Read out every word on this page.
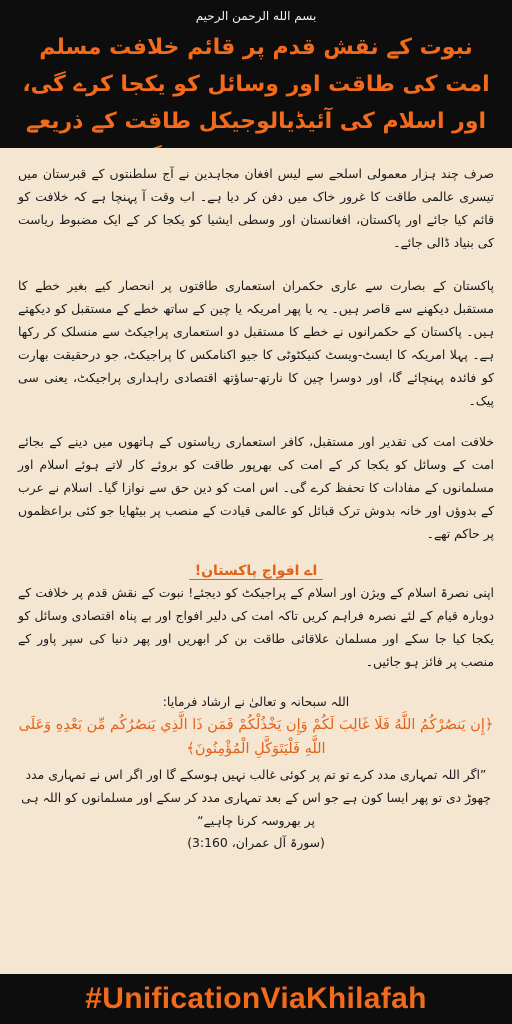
بسم الله الرحمن الرحيم
نبوت کے نقش قدم پر قائم خلافت مسلم امت کی طاقت اور وسائل کو یکجا کرے گی، اور اسلام کی آئیڈیالوجیکل طاقت کے ذریعے

صرف چند ہزار معمولی اسلحے سے لیس افغان مجاہدین نے آج سلطنتوں کے قبرستان میں تیسری عالمی طاقت کا غرور خاک میں دفن کر دیا ہے۔ اب وقت آ پہنچا ہے کہ خلافت کو قائم کیا جائے اور پاکستان، افغانستان اور وسطی ایشیا کو یکجا کر کے ایک مضبوط ریاست کی بنیاد ڈالی جائے۔

پاکستان کے بصارت سے عاری حکمران استعماری طاقتوں پر انحصار کیے بغیر خطے کا مستقبل دیکھنے سے قاصر ہیں۔ یہ یا پھر امریکہ یا چین کے ساتھ خطے کے مستقبل کو دیکھتے ہیں۔ پاکستان کے حکمرانوں نے خطے کا مستقبل دو استعماری پراجیکٹ سے منسلک کر رکھا ہے۔ پہلا امریکہ کا ایسٹ-ویسٹ کنیکٹوٹی کا جیو اکنامکس کا پراجیکٹ، جو درحقیقت بھارت کو فائدہ پہنچائے گا، اور دوسرا چین کا نارتھ-ساؤتھ اقتصادی راہداری پراجیکٹ، یعنی سی پیک۔

خلافت امت کی تقدیر اور مستقبل، کافر استعماری ریاستوں کے ہاتھوں میں دینے کے بجائے امت کے وسائل کو یکجا کر کے امت کی بھرپور طاقت کو بروئے کار لاتے ہوئے اسلام اور مسلمانوں کے مفادات کا تحفظ کرے گی۔ اس امت کو دین حق سے نوازا گیا۔ اسلام نے عرب کے بدوؤں اور خانہ بدوش ترک قبائل کو عالمی قیادت کے منصب پر بیٹھایا جو کئی براعظموں پر حاکم تھے۔

اے افواج پاکستان!

اپنی نصرۃ اسلام کے ویژن اور اسلام کے پراجیکٹ کو دیجئے! نبوت کے نقش قدم پر خلافت کے دوبارہ قیام کے لئے نصرہ فراہم کریں تاکہ امت کی دلیر افواج اور بے پناہ اقتصادی وسائل کو یکجا کیا جا سکے اور مسلمان علاقائی طاقت بن کر ابھریں اور پھر دنیا کی سپر پاور کے منصب پر فائز ہو جائیں۔

اللہ سبحانہ و تعالیٰ نے ارشاد فرمایا:
﴿إِن يَنصُرْكُمُ اللَّهُ فَلَا غَالِبَ لَكُمْ وَإِن يَخْذُلْكُمْ فَمَن ذَا الَّذِي يَنصُرُكُم مِّن بَعْدِهِ وَعَلَى اللَّهِ فَلْيَتَوَكَّلِ الْمُؤْمِنُونَ﴾
”اگر اللہ تمہاری مدد کرے تو تم پر کوئی غالب نہیں ہوسکے گا اور اگر اس نے تمہاری مدد چھوڑ دی تو پھر ایسا کون ہے جو اس کے بعد تمہاری مدد کر سکے اور مسلمانوں کو اللہ ہی پر بھروسہ کرنا چاہیے“
(سورۃ آل عمران، 3:160)
#UnificationViaKhilafah
